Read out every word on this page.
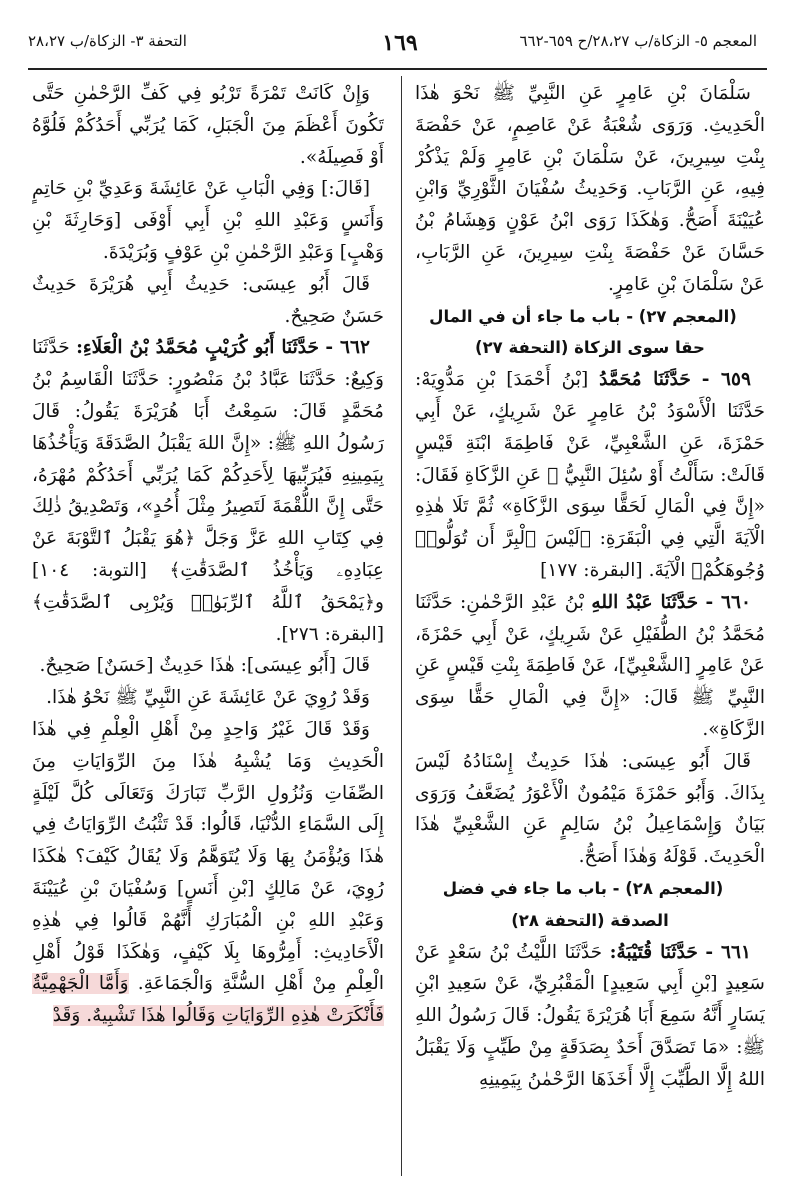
المعجم ٥- الزكاة/ب ٢٨،٢٧/ح ٦٥٩-٦٦٢
١٦٩
التحفة ٣- الزكاة/ب ٢٨،٢٧

سَلْمَانَ بْنِ عَامِرٍ عَنِ النَّبِيِّ ﷺ نَحْوَ هٰذَا الْحَدِيثِ. وَرَوَى شُعْبَةُ عَنْ عَاصِمٍ، عَنْ حَفْصَةَ بِنْتِ سِيرِينَ، عَنْ سَلْمَانَ بْنِ عَامِرٍ وَلَمْ يَذْكُرْ فِيهِ، عَنِ الرَّبَابِ. وَحَدِيثُ سُفْيَانَ الثَّوْرِيِّ وَابْنِ عُيَيْنَةَ أَصَحُّ. وَهٰكَذَا رَوَى ابْنُ عَوْنٍ وَهِشَامُ بْنُ حَسَّانَ عَنْ حَفْصَةَ بِنْتِ سِيرِينَ، عَنِ الرَّبَابِ، عَنْ سَلْمَانَ بْنِ عَامِرٍ.

(المعجم ٢٧) - باب ما جاء أن في المال حقا سوى الزكاة (التحفة ٢٧)

٦٥٩ - حَدَّثَنَا مُحَمَّدُ [بْنُ أَحْمَدَ] بْنِ مَدُّوِيَهْ: حَدَّثَنَا الْأَسْوَدُ بْنُ عَامِرٍ عَنْ شَرِيكٍ، عَنْ أَبِي حَمْزَةَ، عَنِ الشَّعْبِيِّ، عَنْ فَاطِمَةَ ابْنَةِ قَيْسٍ قَالَتْ: سَأَلْتُ أَوْ سُئِلَ النَّبِيُّ ﷺ عَنِ الزَّكَاةِ فَقَالَ: «إِنَّ فِي الْمَالِ لَحَقًّا سِوَى الزَّكَاةِ» ثُمَّ تَلَا هٰذِهِ الْآيَةَ الَّتِي فِي الْبَقَرَةِ: ﴿لَيْسَ ٱلْبِرَّ أَن تُوَلُّوا۟ وُجُوهَكُمْ﴾ الْآيَةَ. [البقرة: ١٧٧]

٦٦٠ - حَدَّثَنَا عَبْدُ اللهِ بْنُ عَبْدِ الرَّحْمٰنِ: حَدَّثَنَا مُحَمَّدُ بْنُ الطُّفَيْلِ عَنْ شَرِيكٍ، عَنْ أَبِي حَمْزَةَ، عَنْ عَامِرٍ [الشَّعْبِيِّ]، عَنْ فَاطِمَةَ بِنْتِ قَيْسٍ عَنِ النَّبِيِّ ﷺ قَالَ: «إِنَّ فِي الْمَالِ حَقًّا سِوَى الزَّكَاةِ».

قَالَ أَبُو عِيسَى: هٰذَا حَدِيثٌ إِسْنَادُهُ لَيْسَ بِذَاكَ. وَأَبُو حَمْزَةَ مَيْمُونٌ الْأَعْوَرُ يُضَعَّفُ وَرَوَى بَيَانٌ وَإِسْمَاعِيلُ بْنُ سَالِمٍ عَنِ الشَّعْبِيِّ هٰذَا الْحَدِيثَ. قَوْلَهُ وَهٰذَا أَصَحُّ.

(المعجم ٢٨) - باب ما جاء في فضل الصدقة (التحفة ٢٨)

٦٦١ - حَدَّثَنَا قُتَيْبَةُ: حَدَّثَنَا اللَّيْثُ بْنُ سَعْدٍ عَنْ سَعِيدٍ [بْنِ أَبِي سَعِيدٍ] الْمَقْبُرِيِّ، عَنْ سَعِيدِ ابْنِ يَسَارٍ أَنَّهُ سَمِعَ أَبَا هُرَيْرَةَ يَقُولُ: قَالَ رَسُولُ اللهِ ﷺ: «مَا تَصَدَّقَ أَحَدٌ بِصَدَقَةٍ مِنْ طَيِّبٍ وَلَا يَقْبَلُ اللهُ إِلَّا الطَّيِّبَ إِلَّا أَخَذَهَا الرَّحْمٰنُ بِيَمِينِهِ

وَإِنْ كَانَتْ تَمْرَةً تَرْبُو فِي كَفِّ الرَّحْمٰنِ حَتَّى تَكُونَ أَعْظَمَ مِنَ الْجَبَلِ، كَمَا يُرَبِّي أَحَدُكُمْ فَلُوَّهُ أَوْ فَصِيلَهُ».

[قَالَ:] وَفِي الْبَابِ عَنْ عَائِشَةَ وَعَدِيِّ بْنِ حَاتِمٍ وَأَنَسٍ وَعَبْدِ اللهِ بْنِ أَبِي أَوْفَى [وَحَارِثَةَ بْنِ وَهْبٍ] وَعَبْدِ الرَّحْمٰنِ بْنِ عَوْفٍ وَبُرَيْدَةَ.

قَالَ أَبُو عِيسَى: حَدِيثُ أَبِي هُرَيْرَةَ حَدِيثٌ حَسَنٌ صَحِيحٌ.

٦٦٢ - حَدَّثَنَا أَبُو كُرَيْبٍ مُحَمَّدُ بْنُ الْعَلَاءِ: حَدَّثَنَا وَكِيعٌ: حَدَّثَنَا عَبَّادُ بْنُ مَنْصُورٍ: حَدَّثَنَا الْقَاسِمُ بْنُ مُحَمَّدٍ قَالَ: سَمِعْتُ أَبَا هُرَيْرَةَ يَقُولُ: قَالَ رَسُولُ اللهِ ﷺ: «إِنَّ اللهَ يَقْبَلُ الصَّدَقَةَ وَيَأْخُذُهَا بِيَمِينِهِ فَيُرَبِّيهَا لِأَحَدِكُمْ كَمَا يُرَبِّي أَحَدُكُمْ مُهْرَهُ، حَتَّى إِنَّ اللُّقْمَةَ لَتَصِيرُ مِثْلَ أُحُدٍ»، وَتَصْدِيقُ ذٰلِكَ فِي كِتَابِ اللهِ عَزَّ وَجَلَّ ﴿هُوَ يَقْبَلُ ٱلتَّوْبَةَ عَنْ عِبَادِهِۦ وَيَأْخُذُ ٱلصَّدَقَٰتِ﴾ [التوبة: ١٠٤] و﴿يَمْحَقُ ٱللَّهُ ٱلرِّبَوٰا۟ وَيُرْبِى ٱلصَّدَقَٰتِ﴾ [البقرة: ٢٧٦].

قَالَ [أَبُو عِيسَى]: هٰذَا حَدِيثٌ [حَسَنٌ] صَحِيحٌ.

وَقَدْ رُوِيَ عَنْ عَائِشَةَ عَنِ النَّبِيِّ ﷺ نَحْوُ هٰذَا.

وَقَدْ قَالَ غَيْرُ وَاحِدٍ مِنْ أَهْلِ الْعِلْمِ فِي هٰذَا الْحَدِيثِ وَمَا يُشْبِهُ هٰذَا مِنَ الرِّوَايَاتِ مِنَ الصِّفَاتِ وَنُزُولِ الرَّبِّ تَبَارَكَ وَتَعَالَى كُلَّ لَيْلَةٍ إِلَى السَّمَاءِ الدُّنْيَا، قَالُوا: قَدْ تَثْبُتُ الرِّوَايَاتُ فِي هٰذَا وَيُؤْمَنُ بِهَا وَلَا يُتَوَهَّمُ وَلَا يُقَالُ كَيْفَ؟ هٰكَذَا رُوِيَ، عَنْ مَالِكٍ [بْنِ أَنَسٍ] وَسُفْيَانَ بْنِ عُيَيْنَةَ وَعَبْدِ اللهِ بْنِ الْمُبَارَكِ أَنَّهُمْ قَالُوا فِي هٰذِهِ الْأَحَادِيثِ: أَمِرُّوهَا بِلَا كَيْفٍ، وَهٰكَذَا قَوْلُ أَهْلِ الْعِلْمِ مِنْ أَهْلِ السُّنَّةِ وَالْجَمَاعَةِ. وَأَمَّا الْجَهْمِيَّةُ فَأَنْكَرَتْ هٰذِهِ الرِّوَايَاتِ وَقَالُوا هٰذَا تَشْبِيهٌ. وَقَدْ
